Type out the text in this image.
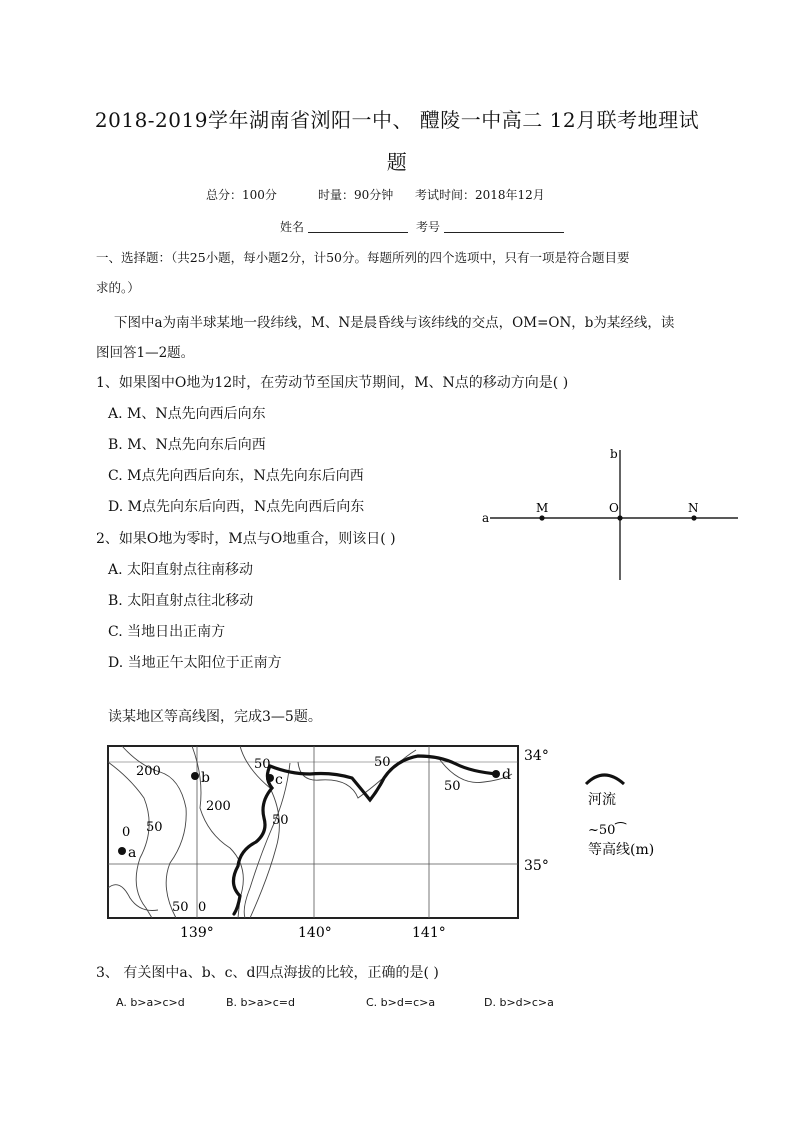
2018-2019学年湖南省浏阳一中、 醴陵一中高二 12月联考地理试
题
总分：100分	时量：90分钟 考试时间：2018年12月
姓名	考号
一、选择题：（共25小题，每小题2分，计50分。每题所列的四个选项中，只有一项是符合题目要
求的。）
下图中a为南半球某地一段纬线，M、N是晨昏线与该纬线的交点，OM=ON，b为某经线，读
图回答1—2题。
1、如果图中O地为12时，在劳动节至国庆节期间，M、N点的移动方向是( )
A. M、N点先向西后向东
B. M、N点先向东后向西
C. M点先向西后向东，N点先向东后向西
D. M点先向东后向西，N点先向西后向东
2、如果O地为零时，M点与O地重合，则该日( )
A. 太阳直射点往南移动
B. 太阳直射点往北移动
C. 当地日出正南方
D. 当地正午太阳位于正南方
a
b
M	O	N
读某地区等高线图，完成3—5题。
a
b	c	d
200
200
0 50
50
50
50
50
50 0
34°
35°
139°	140°	141°
河流
~50⁀
等高线(m)
3、 有关图中a、b、c、d四点海拔的比较，正确的是( )
A. b>a>c>d	B. b>a>c=d	C. b>d=c>a	D. b>d>c>a
